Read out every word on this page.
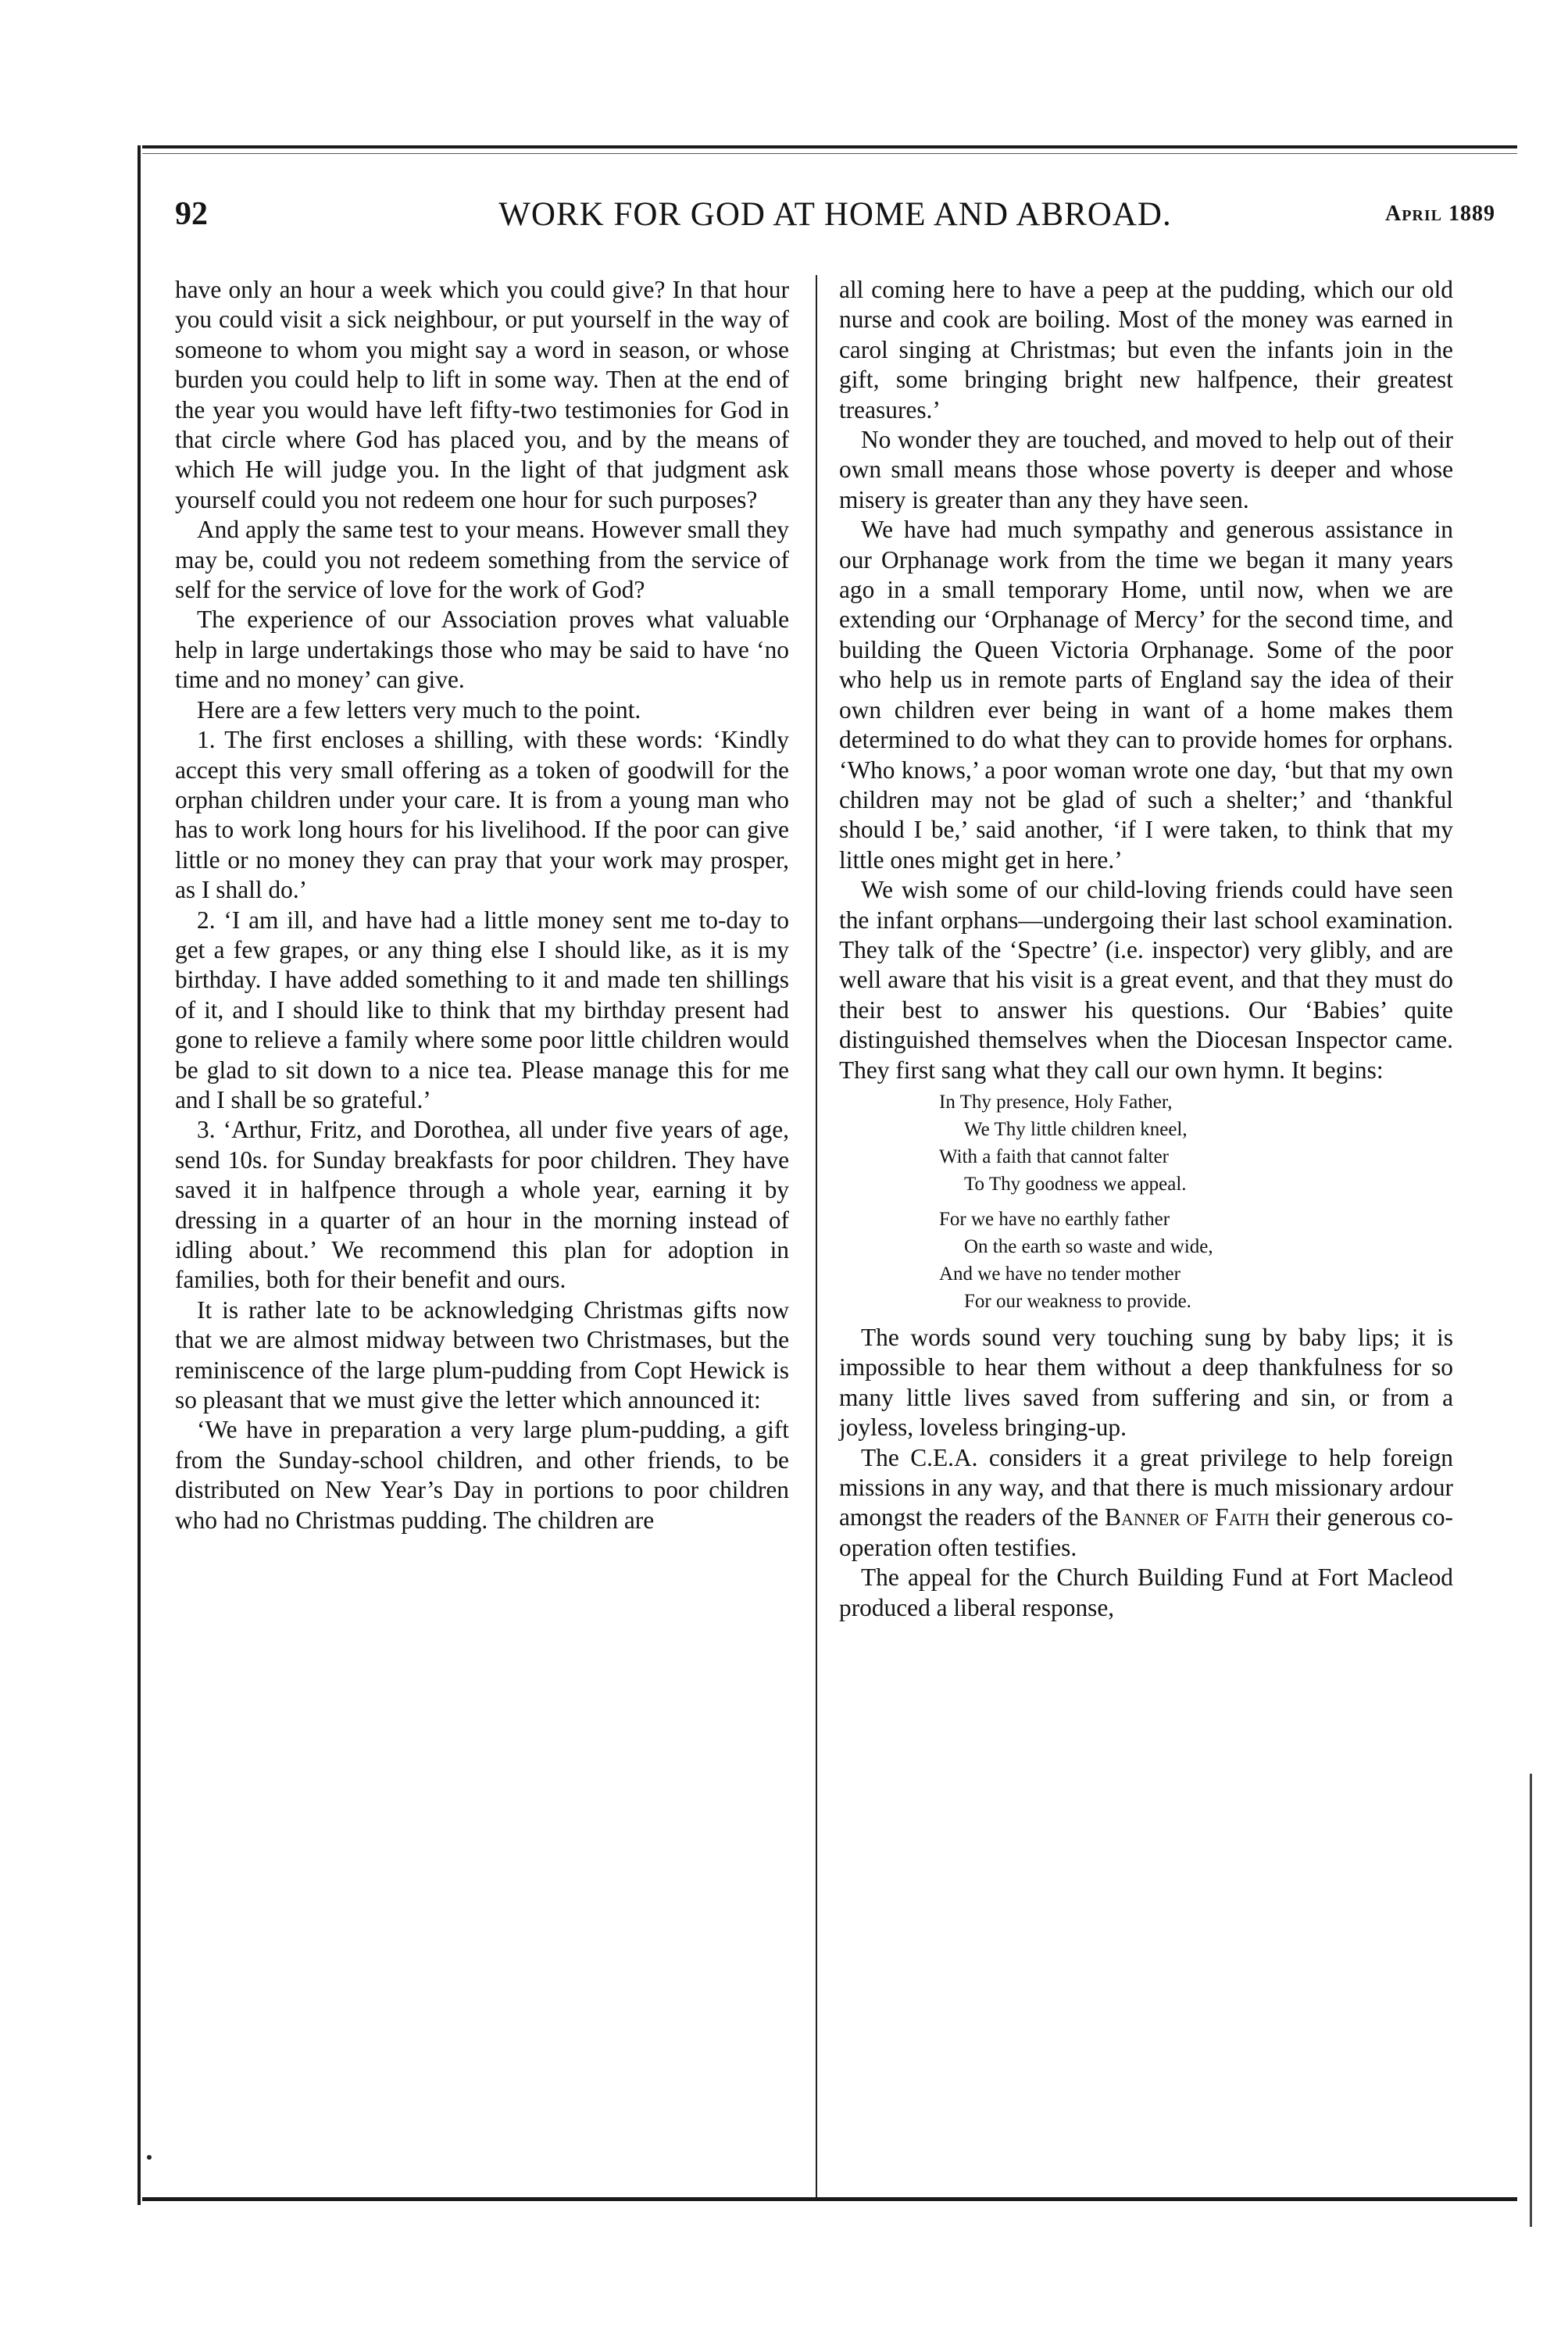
92	WORK FOR GOD AT HOME AND ABROAD.	April 1889

have only an hour a week which you could give? In that hour you could visit a sick neighbour, or put yourself in the way of someone to whom you might say a word in season, or whose burden you could help to lift in some way. Then at the end of the year you would have left fifty-two testimonies for God in that circle where God has placed you, and by the means of which He will judge you. In the light of that judgment ask yourself could you not redeem one hour for such purposes?

And apply the same test to your means. However small they may be, could you not redeem something from the service of self for the service of love for the work of God?

The experience of our Association proves what valuable help in large undertakings those who may be said to have ‘no time and no money’ can give.

Here are a few letters very much to the point.

1. The first encloses a shilling, with these words: ‘Kindly accept this very small offering as a token of goodwill for the orphan children under your care. It is from a young man who has to work long hours for his livelihood. If the poor can give little or no money they can pray that your work may prosper, as I shall do.’

2. ‘I am ill, and have had a little money sent me to-day to get a few grapes, or any thing else I should like, as it is my birthday. I have added something to it and made ten shillings of it, and I should like to think that my birthday present had gone to relieve a family where some poor little children would be glad to sit down to a nice tea. Please manage this for me and I shall be so grateful.’

3. ‘Arthur, Fritz, and Dorothea, all under five years of age, send 10s. for Sunday breakfasts for poor children. They have saved it in halfpence through a whole year, earning it by dressing in a quarter of an hour in the morning instead of idling about.’ We recommend this plan for adoption in families, both for their benefit and ours.

It is rather late to be acknowledging Christmas gifts now that we are almost midway between two Christmases, but the reminiscence of the large plum-pudding from Copt Hewick is so pleasant that we must give the letter which announced it:

‘We have in preparation a very large plum-pudding, a gift from the Sunday-school children, and other friends, to be distributed on New Year’s Day in portions to poor children who had no Christmas pudding. The children are

all coming here to have a peep at the pudding, which our old nurse and cook are boiling. Most of the money was earned in carol singing at Christmas; but even the infants join in the gift, some bringing bright new halfpence, their greatest treasures.’

No wonder they are touched, and moved to help out of their own small means those whose poverty is deeper and whose misery is greater than any they have seen.

We have had much sympathy and generous assistance in our Orphanage work from the time we began it many years ago in a small temporary Home, until now, when we are extending our ‘Orphanage of Mercy’ for the second time, and building the Queen Victoria Orphanage. Some of the poor who help us in remote parts of England say the idea of their own children ever being in want of a home makes them determined to do what they can to provide homes for orphans. ‘Who knows,’ a poor woman wrote one day, ‘but that my own children may not be glad of such a shelter;’ and ‘thankful should I be,’ said another, ‘if I were taken, to think that my little ones might get in here.’

We wish some of our child-loving friends could have seen the infant orphans—undergoing their last school examination. They talk of the ‘Spectre’ (i.e. inspector) very glibly, and are well aware that his visit is a great event, and that they must do their best to answer his questions. Our ‘Babies’ quite distinguished themselves when the Diocesan Inspector came. They first sang what they call our own hymn. It begins:

In Thy presence, Holy Father,
We Thy little children kneel,
With a faith that cannot falter
To Thy goodness we appeal.
For we have no earthly father
On the earth so waste and wide,
And we have no tender mother
For our weakness to provide.

The words sound very touching sung by baby lips; it is impossible to hear them without a deep thankfulness for so many little lives saved from suffering and sin, or from a joyless, loveless bringing-up.

The C.E.A. considers it a great privilege to help foreign missions in any way, and that there is much missionary ardour amongst the readers of the Banner of Faith their generous co-operation often testifies.

The appeal for the Church Building Fund at Fort Macleod produced a liberal response,
